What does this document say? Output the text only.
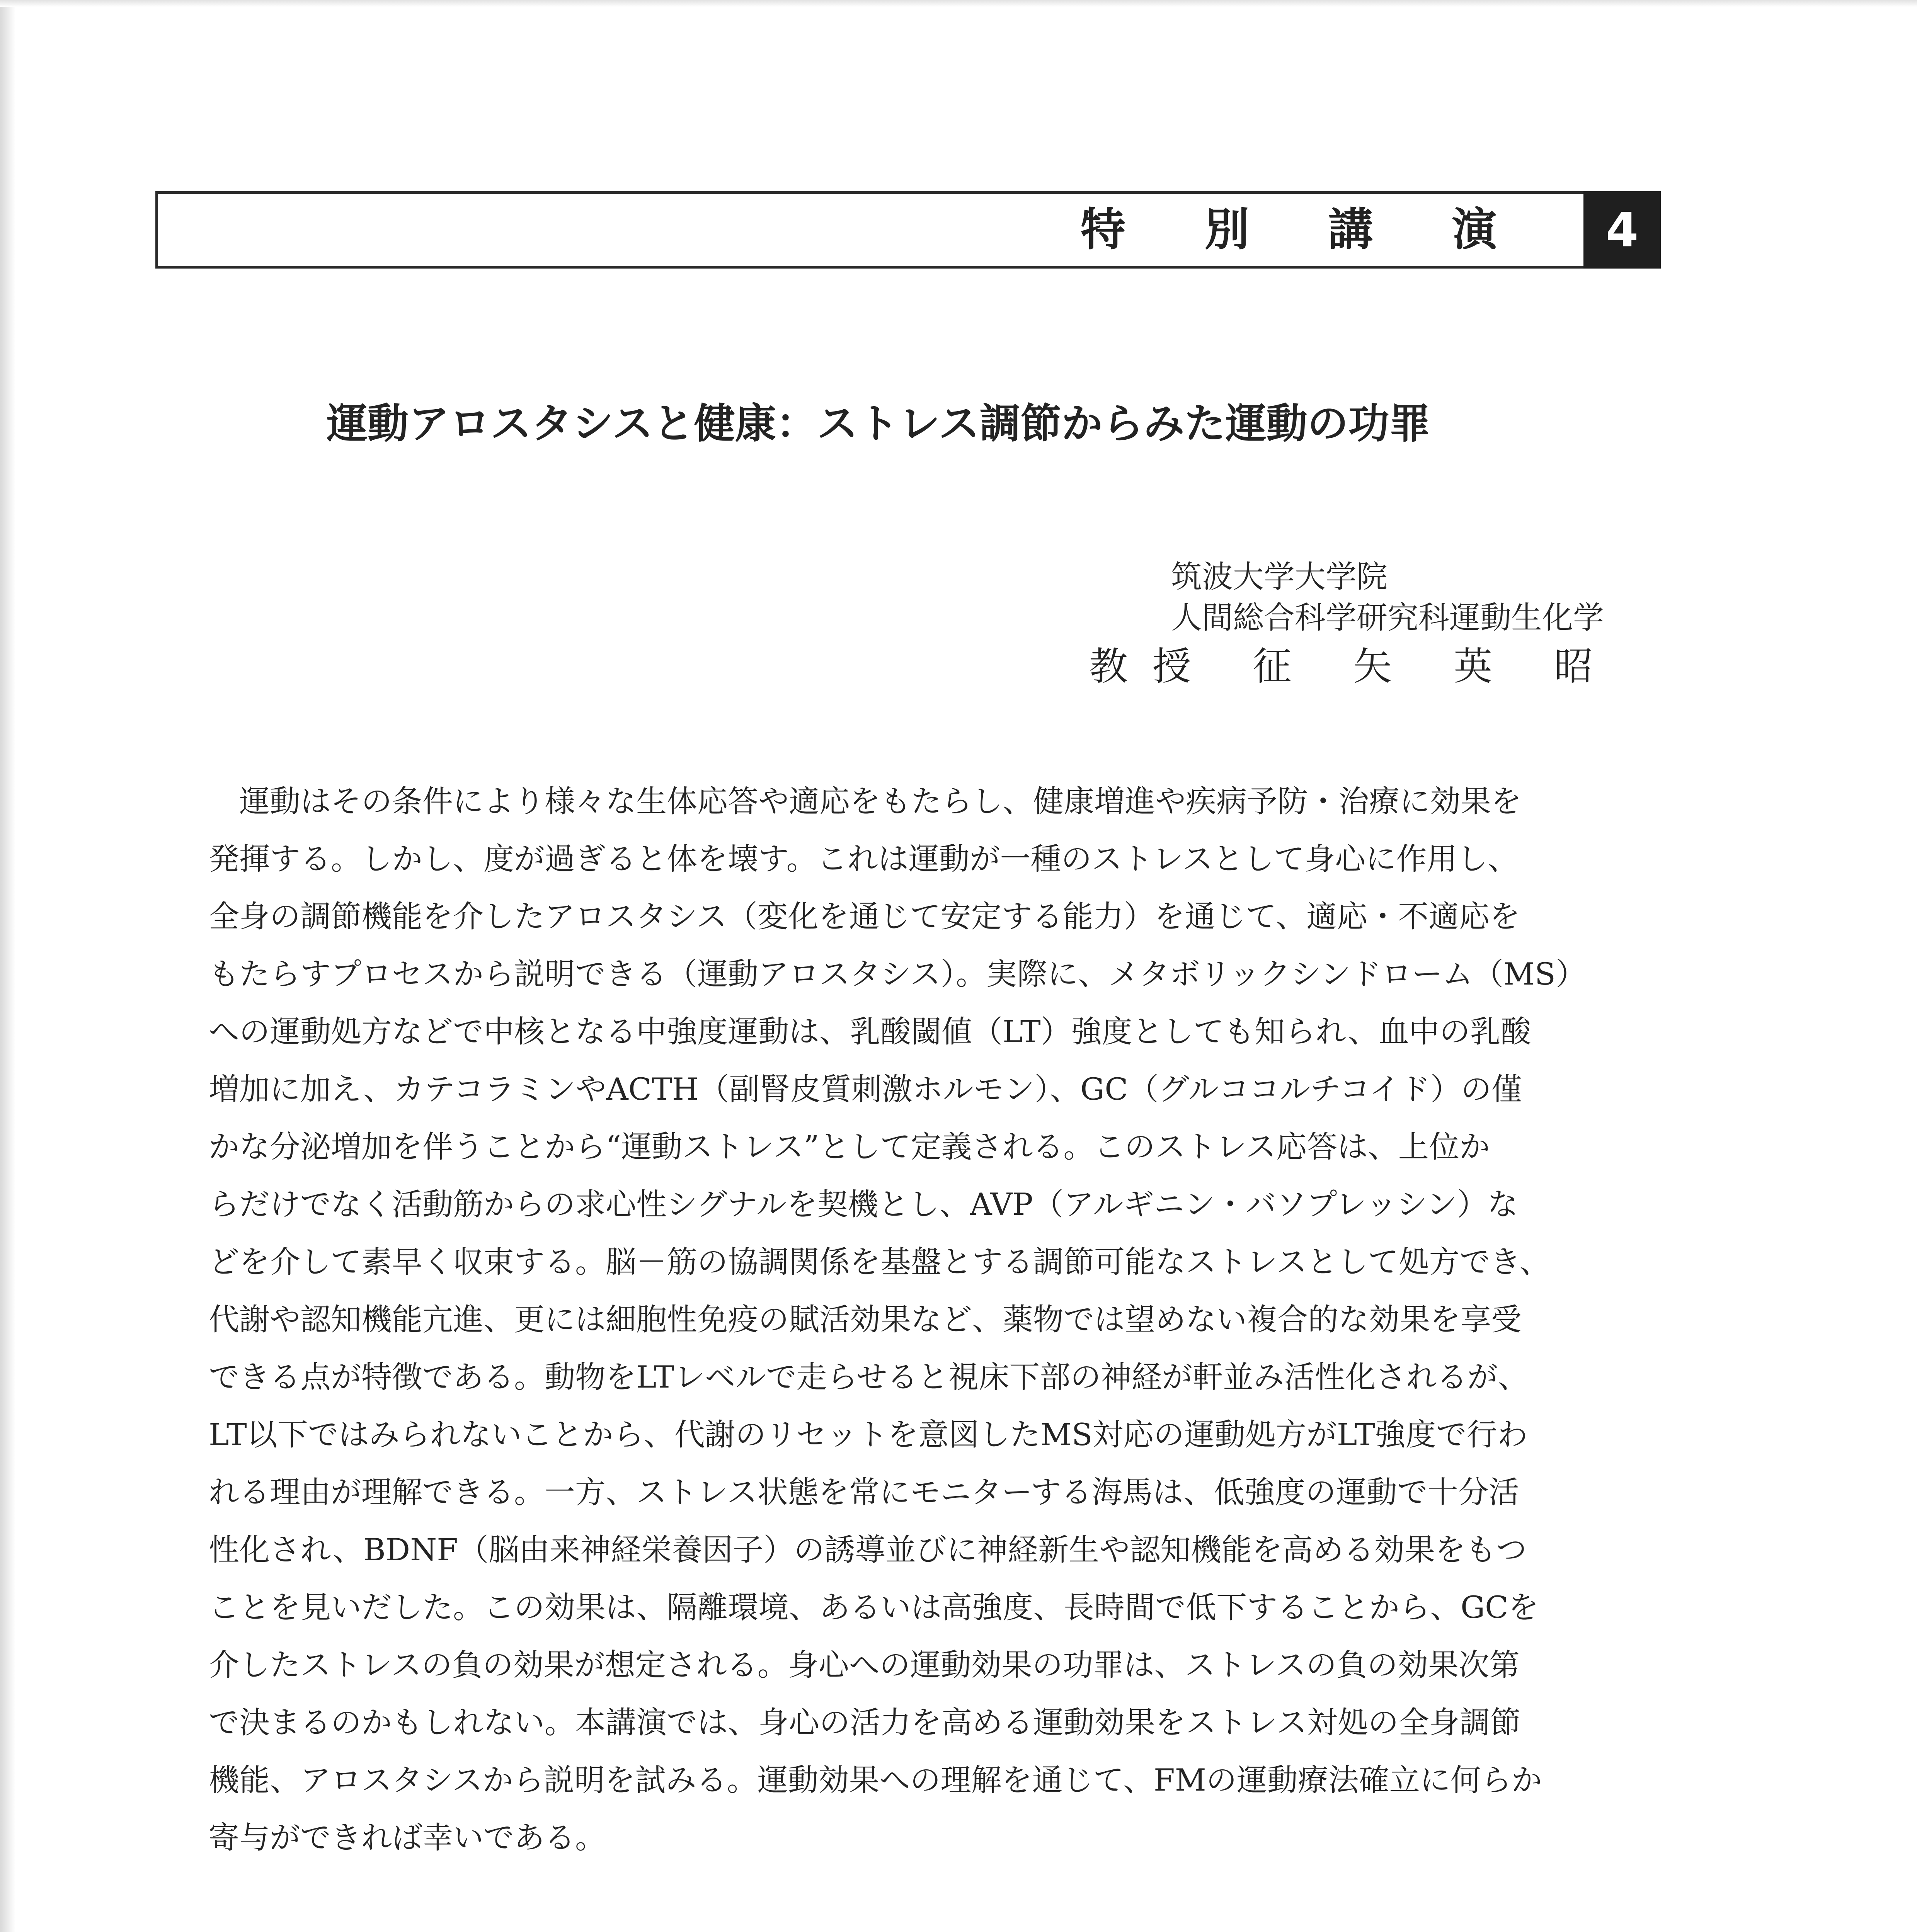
特 別 講 演	4
運動アロスタシスと健康：ストレス調節からみた運動の功罪
筑波大学大学院
人間総合科学研究科運動生化学
教授 征 矢 英 昭
　運動はその条件により様々な生体応答や適応をもたらし、健康増進や疾病予防・治療に効果を
発揮する。しかし、度が過ぎると体を壊す。これは運動が一種のストレスとして身心に作用し、
全身の調節機能を介したアロスタシス（変化を通じて安定する能力）を通じて、適応・不適応を
もたらすプロセスから説明できる（運動アロスタシス）。実際に、メタボリックシンドローム（MS）
への運動処方などで中核となる中強度運動は、乳酸閾値（LT）強度としても知られ、血中の乳酸
増加に加え、カテコラミンやACTH（副腎皮質刺激ホルモン）、GC（グルココルチコイド）の僅
かな分泌増加を伴うことから“運動ストレス”として定義される。このストレス応答は、上位か
らだけでなく活動筋からの求心性シグナルを契機とし、AVP（アルギニン・バソプレッシン）な
どを介して素早く収束する。脳－筋の協調関係を基盤とする調節可能なストレスとして処方でき、
代謝や認知機能亢進、更には細胞性免疫の賦活効果など、薬物では望めない複合的な効果を享受
できる点が特徴である。動物をLTレベルで走らせると視床下部の神経が軒並み活性化されるが、
LT以下ではみられないことから、代謝のリセットを意図したMS対応の運動処方がLT強度で行わ
れる理由が理解できる。一方、ストレス状態を常にモニターする海馬は、低強度の運動で十分活
性化され、BDNF（脳由来神経栄養因子）の誘導並びに神経新生や認知機能を高める効果をもつ
ことを見いだした。この効果は、隔離環境、あるいは高強度、長時間で低下することから、GCを
介したストレスの負の効果が想定される。身心への運動効果の功罪は、ストレスの負の効果次第
で決まるのかもしれない。本講演では、身心の活力を高める運動効果をストレス対処の全身調節
機能、アロスタシスから説明を試みる。運動効果への理解を通じて、FMの運動療法確立に何らか
寄与ができれば幸いである。
